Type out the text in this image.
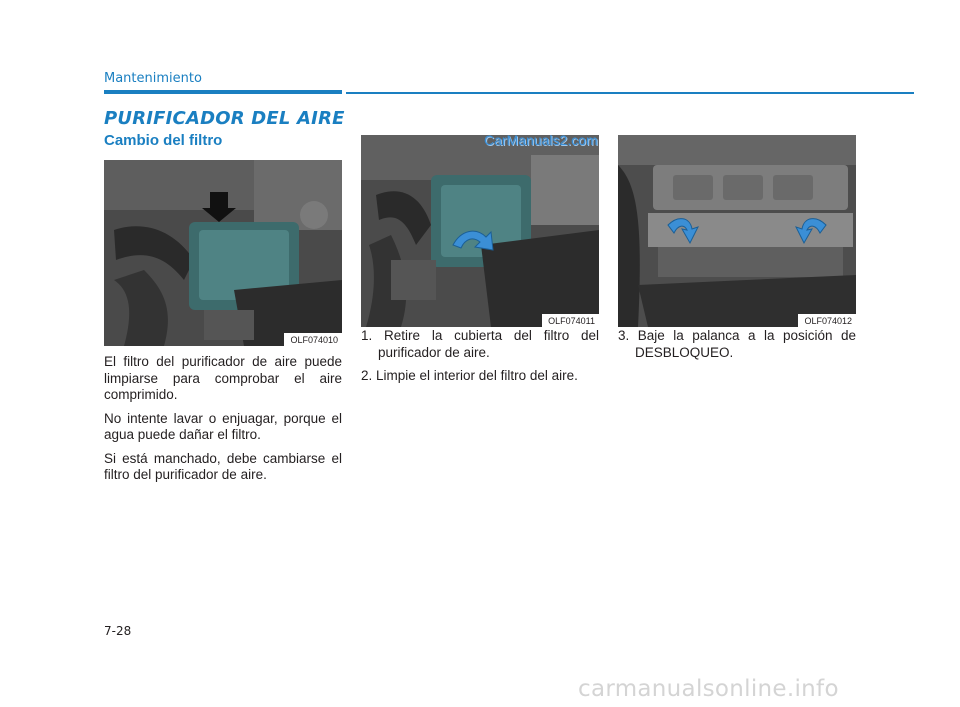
Mantenimiento
PURIFICADOR DEL AIRE
Cambio del filtro
OLF074010
OLF074011
CarManuals2.com
OLF074012

El filtro del purificador de aire puede limpiarse para comprobar el aire comprimido.

No intente lavar o enjuagar, porque el agua puede dañar el filtro.

Si está manchado, debe cambiarse el filtro del purificador de aire.

1. Retire la cubierta del filtro del purificador de aire.

2. Limpie el interior del filtro del aire.

3. Baje la palanca a la posición de DESBLOQUEO.

7-28
carmanualsonline.info
